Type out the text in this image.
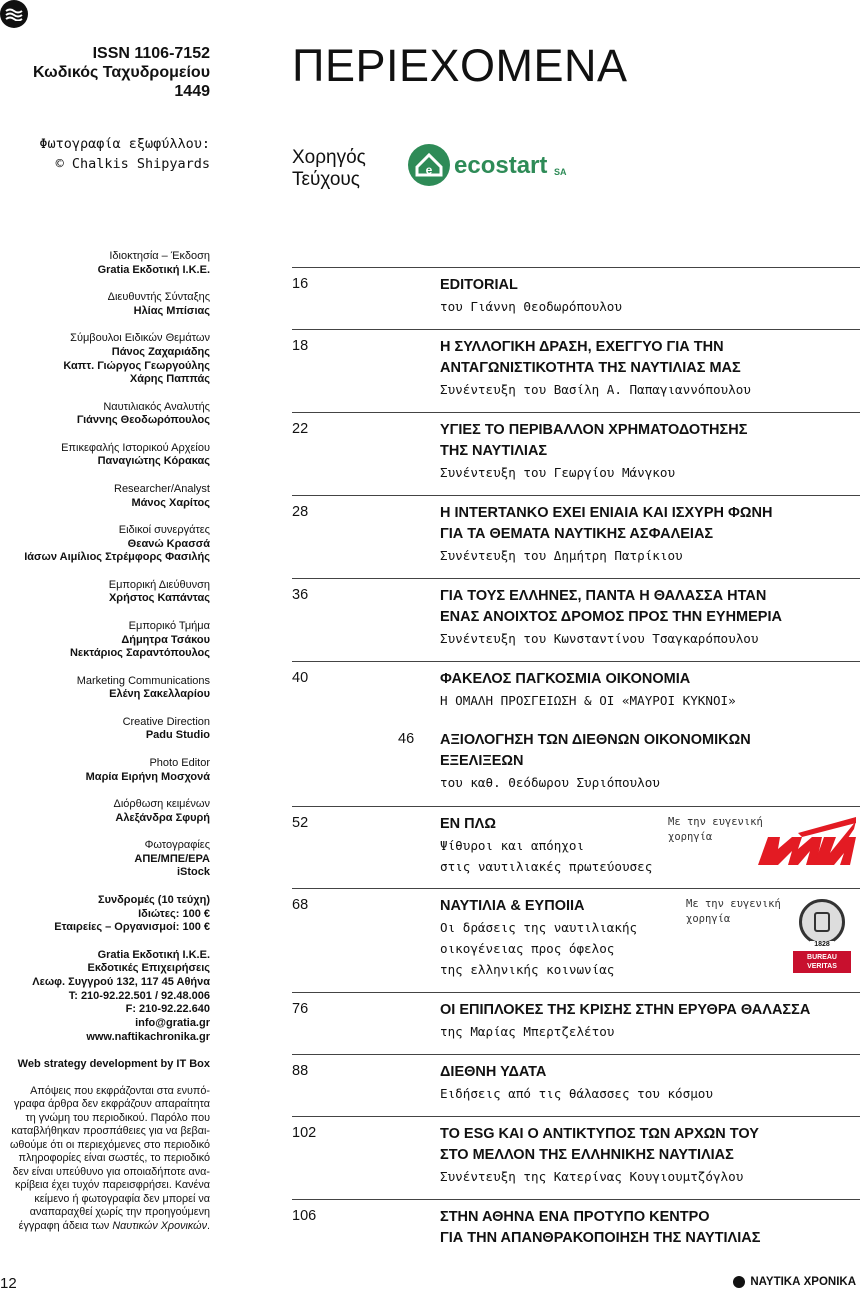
ISSN 1106-7152
Κωδικός Ταχυδρομείου
1449
Φωτογραφία εξωφύλλου:
© Chalkis Shipyards
ΠΕΡΙΕΧΟΜΕΝΑ
Χορηγός
Τεύχους	e ecostart SA
Ιδιοκτησία – Έκδοση
Gratia Εκδοτική Ι.Κ.Ε.
Διευθυντής Σύνταξης
Ηλίας Μπίσιας
Σύμβουλοι Ειδικών Θεμάτων
Πάνος Ζαχαριάδης
Καπτ. Γιώργος Γεωργούλης
Χάρης Παππάς
Ναυτιλιακός Αναλυτής
Γιάννης Θεοδωρόπουλος
Επικεφαλής Ιστορικού Αρχείου
Παναγιώτης Κόρακας
Researcher/Analyst
Μάνος Χαρίτος
Ειδικοί συνεργάτες
Θεανώ Κρασσά
Ιάσων Αιμίλιος Στρέμφορς Φασιλής
Εμπορική Διεύθυνση
Χρήστος Καπάντας
Εμπορικό Τμήμα
Δήμητρα Τσάκου
Νεκτάριος Σαραντόπουλος
Marketing Communications
Ελένη Σακελλαρίου
Creative Direction
Padu Studio
Photo Editor
Μαρία Ειρήνη Μοσχονά
Διόρθωση κειμένων
Αλεξάνδρα Σφυρή
Φωτογραφίες
ΑΠΕ/ΜΠΕ/ΕΡΑ
iStock
Συνδρομές (10 τεύχη)
Ιδιώτες: 100 €
Εταιρείες – Οργανισμοί: 100 €
Gratia Εκδοτική Ι.Κ.Ε.
Εκδοτικές Επιχειρήσεις
Λεωφ. Συγγρού 132, 117 45 Αθήνα
T: 210-92.22.501 / 92.48.006
F: 210-92.22.640
info@gratia.gr
www.naftikachronika.gr
Web strategy development by IT Box
Απόψεις που εκφράζονται στα ενυπό-
γραφα άρθρα δεν εκφράζουν απαραίτητα
τη γνώμη του περιοδικού. Παρόλο που
καταβλήθηκαν προσπάθειες για να βεβαι-
ωθούμε ότι οι περιεχόμενες στο περιοδικό
πληροφορίες είναι σωστές, το περιοδικό
δεν είναι υπεύθυνο για οποιαδήποτε ανα-
κρίβεια έχει τυχόν παρεισφρήσει. Κανένα
κείμενο ή φωτογραφία δεν μπορεί να
αναπαραχθεί χωρίς την προηγούμενη
έγγραφη άδεια των Ναυτικών Χρονικών.
16	EDITORIAL
του Γιάννη Θεοδωρόπουλου
18	Η ΣΥΛΛΟΓΙΚΗ ΔΡΑΣΗ, ΕΧΕΓΓΥΟ ΓΙΑ ΤΗΝ
ΑΝΤΑΓΩΝΙΣΤΙΚΟΤΗΤΑ ΤΗΣ ΝΑΥΤΙΛΙΑΣ ΜΑΣ
Συνέντευξη του Βασίλη Α. Παπαγιαννόπουλου
22	ΥΓΙΕΣ ΤΟ ΠΕΡΙΒΑΛΛΟΝ ΧΡΗΜΑΤΟΔΟΤΗΣΗΣ
ΤΗΣ ΝΑΥΤΙΛΙΑΣ
Συνέντευξη του Γεωργίου Μάνγκου
28	Η INTERTANKO ΕΧΕΙ ΕΝΙΑΙΑ ΚΑΙ ΙΣΧΥΡΗ ΦΩΝΗ
ΓΙΑ ΤΑ ΘΕΜΑΤΑ ΝΑΥΤΙΚΗΣ ΑΣΦΑΛΕΙΑΣ
Συνέντευξη του Δημήτρη Πατρίκιου
36	ΓΙΑ ΤΟΥΣ ΕΛΛΗΝΕΣ, ΠΑΝΤΑ Η ΘΑΛΑΣΣΑ ΗΤΑΝ
ΕΝΑΣ ΑΝΟΙΧΤΟΣ ΔΡΟΜΟΣ ΠΡΟΣ ΤΗΝ ΕΥΗΜΕΡΙΑ
Συνέντευξη του Κωνσταντίνου Τσαγκαρόπουλου
40	ΦΑΚΕΛΟΣ ΠΑΓΚΟΣΜΙΑ ΟΙΚΟΝΟΜΙΑ
Η ΟΜΑΛΗ ΠΡΟΣΓΕΙΩΣΗ & ΟΙ «ΜΑΥΡΟΙ ΚΥΚΝΟΙ»
46 ΑΞΙΟΛΟΓΗΣΗ ΤΩΝ ΔΙΕΘΝΩΝ ΟΙΚΟΝΟΜΙΚΩΝ
ΕΞΕΛΙΞΕΩΝ
του καθ. Θεόδωρου Συριόπουλου
52	ΕΝ ΠΛΩ
Ψίθυροι και απόηχοι
στις ναυτιλιακές πρωτεύουσες
Με την ευγενική
χορηγία
MTM
68	ΝΑΥΤΙΛΙΑ & ΕΥΠΟΙΙΑ
Οι δράσεις της ναυτιλιακής
οικογένειας προς όφελος
της ελληνικής κοινωνίας
Με την ευγενική
χορηγία
1828
BUREAU VERITAS
76	ΟΙ ΕΠΙΠΛΟΚΕΣ ΤΗΣ ΚΡΙΣΗΣ ΣΤΗΝ ΕΡΥΘΡΑ ΘΑΛΑΣΣΑ
της Μαρίας Μπερτζελέτου
88	ΔΙΕΘΝΗ ΥΔΑΤΑ
Ειδήσεις από τις θάλασσες του κόσμου
102	ΤΟ ESG ΚΑΙ Ο ΑΝΤΙΚΤΥΠΟΣ ΤΩΝ ΑΡΧΩΝ ΤΟΥ
ΣΤΟ ΜΕΛΛΟΝ ΤΗΣ ΕΛΛΗΝΙΚΗΣ ΝΑΥΤΙΛΙΑΣ
Συνέντευξη της Κατερίνας Κουγιουμτζόγλου
106	ΣΤΗΝ ΑΘΗΝΑ ΕΝΑ ΠΡΟΤΥΠΟ ΚΕΝΤΡΟ
ΓΙΑ ΤΗΝ ΑΠΑΝΘΡΑΚΟΠΟΙΗΣΗ ΤΗΣ ΝΑΥΤΙΛΙΑΣ
12	ΝΑΥΤΙΚΑ ΧΡΟΝΙΚΑ
